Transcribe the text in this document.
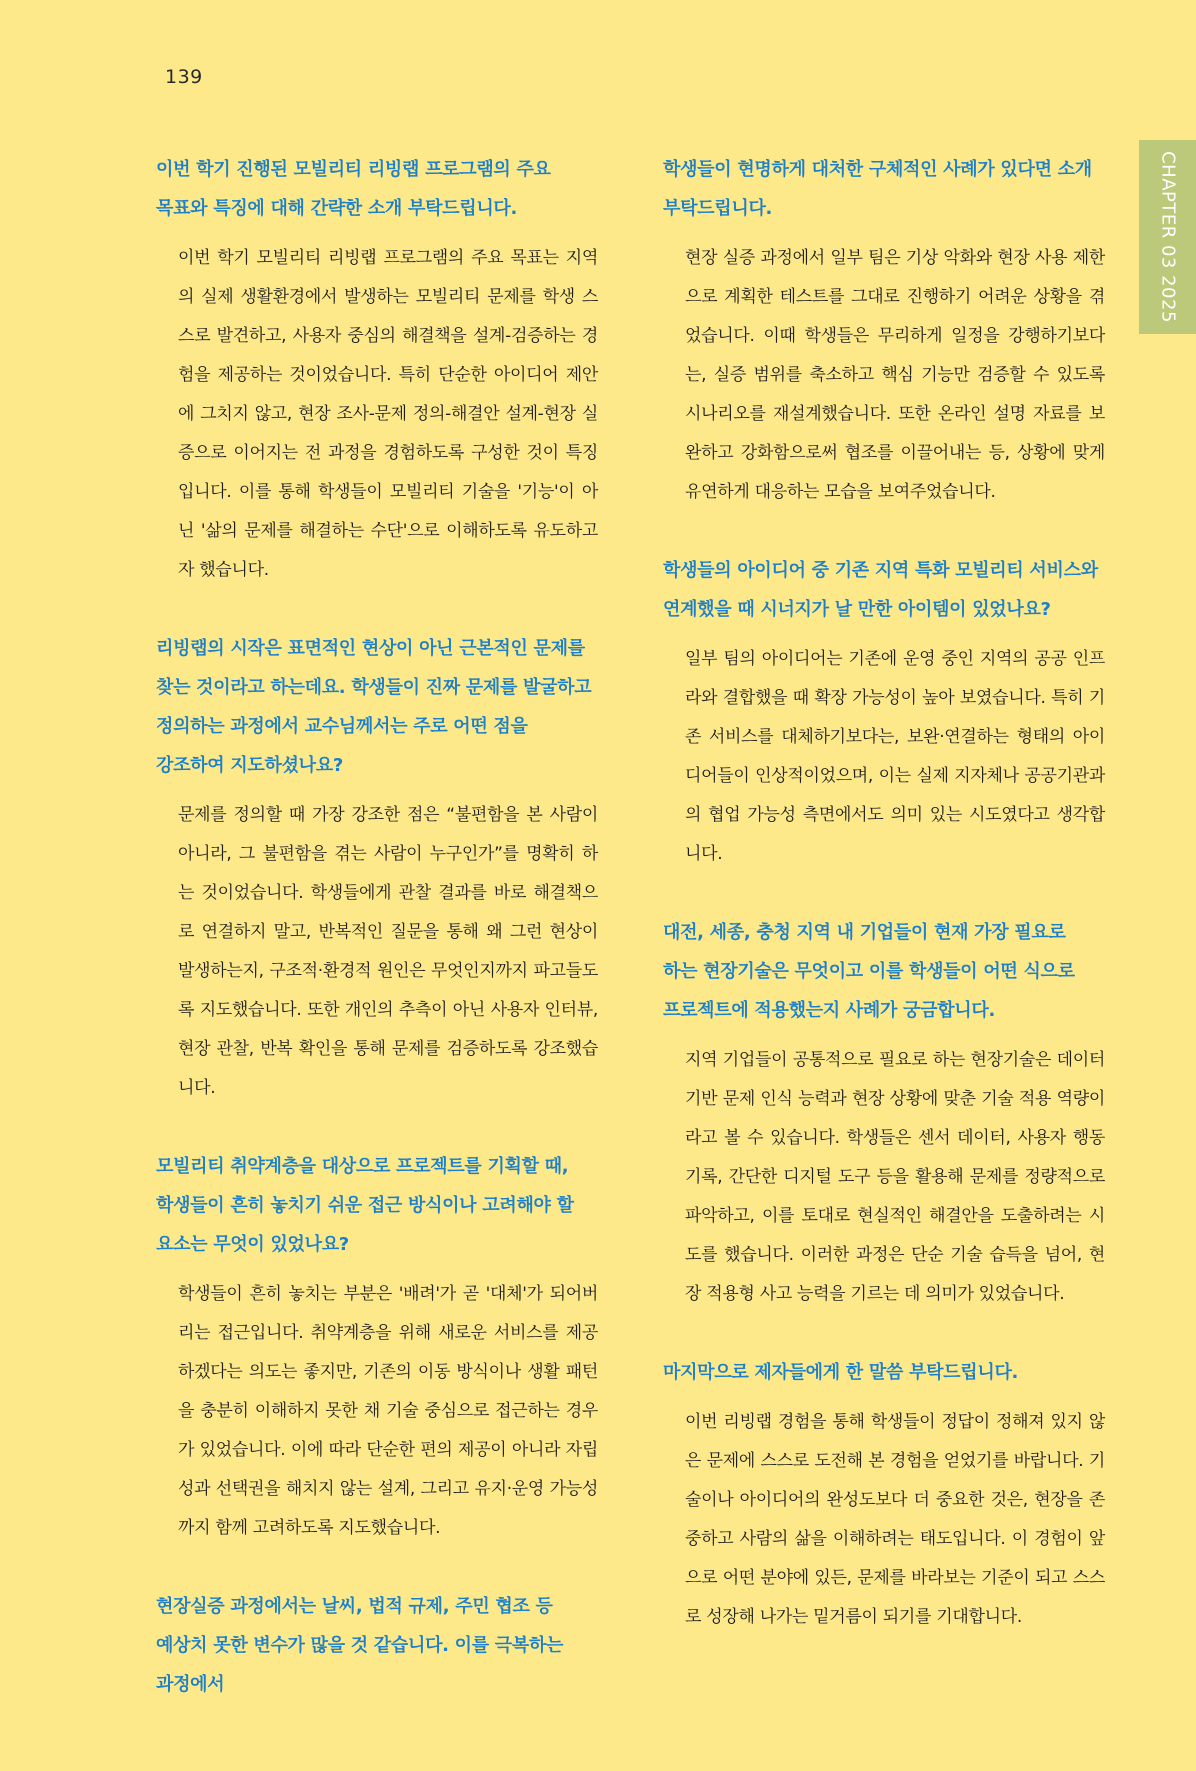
139
CHAPTER 03 2025

이번 학기 진행된 모빌리티 리빙랩 프로그램의 주요 목표와 특징에 대해 간략한 소개 부탁드립니다.

이번 학기 모빌리티 리빙랩 프로그램의 주요 목표는 지역의 실제 생활환경에서 발생하는 모빌리티 문제를 학생 스스로 발견하고, 사용자 중심의 해결책을 설계-검증하는 경험을 제공하는 것이었습니다. 특히 단순한 아이디어 제안에 그치지 않고, 현장 조사-문제 정의-해결안 설계-현장 실증으로 이어지는 전 과정을 경험하도록 구성한 것이 특징입니다. 이를 통해 학생들이 모빌리티 기술을 '기능'이 아닌 '삶의 문제를 해결하는 수단'으로 이해하도록 유도하고자 했습니다.

리빙랩의 시작은 표면적인 현상이 아닌 근본적인 문제를 찾는 것이라고 하는데요. 학생들이 진짜 문제를 발굴하고 정의하는 과정에서 교수님께서는 주로 어떤 점을 강조하여 지도하셨나요?

문제를 정의할 때 가장 강조한 점은 “불편함을 본 사람이 아니라, 그 불편함을 겪는 사람이 누구인가”를 명확히 하는 것이었습니다. 학생들에게 관찰 결과를 바로 해결책으로 연결하지 말고, 반복적인 질문을 통해 왜 그런 현상이 발생하는지, 구조적·환경적 원인은 무엇인지까지 파고들도록 지도했습니다. 또한 개인의 추측이 아닌 사용자 인터뷰, 현장 관찰, 반복 확인을 통해 문제를 검증하도록 강조했습니다.

모빌리티 취약계층을 대상으로 프로젝트를 기획할 때, 학생들이 흔히 놓치기 쉬운 접근 방식이나 고려해야 할 요소는 무엇이 있었나요?

학생들이 흔히 놓치는 부분은 '배려'가 곧 '대체'가 되어버리는 접근입니다. 취약계층을 위해 새로운 서비스를 제공하겠다는 의도는 좋지만, 기존의 이동 방식이나 생활 패턴을 충분히 이해하지 못한 채 기술 중심으로 접근하는 경우가 있었습니다. 이에 따라 단순한 편의 제공이 아니라 자립성과 선택권을 해치지 않는 설계, 그리고 유지·운영 가능성까지 함께 고려하도록 지도했습니다.

현장실증 과정에서는 날씨, 법적 규제, 주민 협조 등 예상치 못한 변수가 많을 것 같습니다. 이를 극복하는 과정에서

학생들이 현명하게 대처한 구체적인 사례가 있다면 소개 부탁드립니다.

현장 실증 과정에서 일부 팀은 기상 악화와 현장 사용 제한으로 계획한 테스트를 그대로 진행하기 어려운 상황을 겪었습니다. 이때 학생들은 무리하게 일정을 강행하기보다는, 실증 범위를 축소하고 핵심 기능만 검증할 수 있도록 시나리오를 재설계했습니다. 또한 온라인 설명 자료를 보완하고 강화함으로써 협조를 이끌어내는 등, 상황에 맞게 유연하게 대응하는 모습을 보여주었습니다.

학생들의 아이디어 중 기존 지역 특화 모빌리티 서비스와 연계했을 때 시너지가 날 만한 아이템이 있었나요?

일부 팀의 아이디어는 기존에 운영 중인 지역의 공공 인프라와 결합했을 때 확장 가능성이 높아 보였습니다. 특히 기존 서비스를 대체하기보다는, 보완·연결하는 형태의 아이디어들이 인상적이었으며, 이는 실제 지자체나 공공기관과의 협업 가능성 측면에서도 의미 있는 시도였다고 생각합니다.

대전, 세종, 충청 지역 내 기업들이 현재 가장 필요로 하는 현장기술은 무엇이고 이를 학생들이 어떤 식으로 프로젝트에 적용했는지 사례가 궁금합니다.

지역 기업들이 공통적으로 필요로 하는 현장기술은 데이터 기반 문제 인식 능력과 현장 상황에 맞춘 기술 적용 역량이라고 볼 수 있습니다. 학생들은 센서 데이터, 사용자 행동 기록, 간단한 디지털 도구 등을 활용해 문제를 정량적으로 파악하고, 이를 토대로 현실적인 해결안을 도출하려는 시도를 했습니다. 이러한 과정은 단순 기술 습득을 넘어, 현장 적용형 사고 능력을 기르는 데 의미가 있었습니다.

마지막으로 제자들에게 한 말씀 부탁드립니다.

이번 리빙랩 경험을 통해 학생들이 정답이 정해져 있지 않은 문제에 스스로 도전해 본 경험을 얻었기를 바랍니다. 기술이나 아이디어의 완성도보다 더 중요한 것은, 현장을 존중하고 사람의 삶을 이해하려는 태도입니다. 이 경험이 앞으로 어떤 분야에 있든, 문제를 바라보는 기준이 되고 스스로 성장해 나가는 밑거름이 되기를 기대합니다.
